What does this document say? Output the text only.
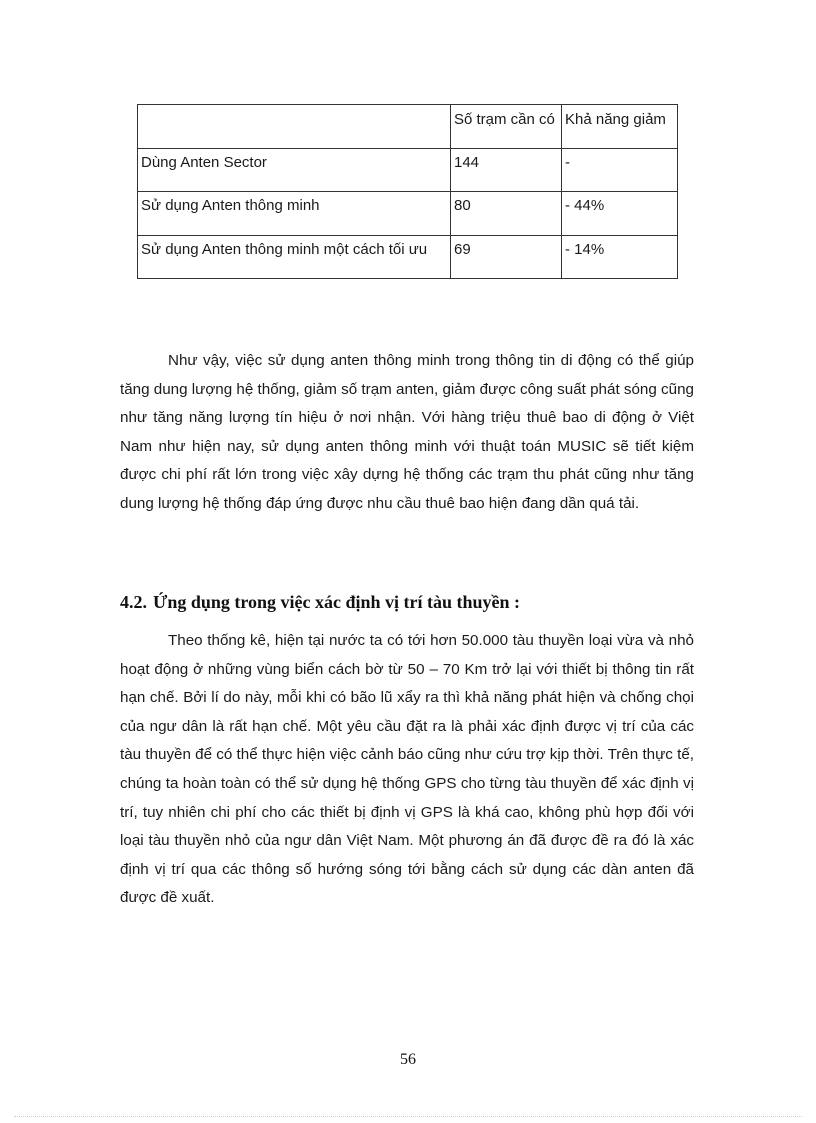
	Số trạm cần có	Khả năng giảm
Dùng Anten Sector	144	-
Sử dụng Anten thông minh	80	- 44%
Sử dụng Anten thông minh một cách tối ưu	69	- 14%

Như vậy, việc sử dụng anten thông minh trong thông tin di động có thể giúp tăng dung lượng hệ thống, giảm số trạm anten, giảm được công suất phát sóng cũng như tăng năng lượng tín hiệu ở nơi nhận. Với hàng triệu thuê bao di động ở Việt Nam như hiện nay, sử dụng anten thông minh với thuật toán MUSIC sẽ tiết kiệm được chi phí rất lớn trong việc xây dựng hệ thống các trạm thu phát cũng như tăng dung lượng hệ thống đáp ứng được nhu cầu thuê bao hiện đang dần quá tải.

4.2. Ứng dụng trong việc xác định vị trí tàu thuyền :

Theo thống kê, hiện tại nước ta có tới hơn 50.000 tàu thuyền loại vừa và nhỏ hoạt động ở những vùng biển cách bờ từ 50 – 70 Km trở lại với thiết bị thông tin rất hạn chế. Bởi lí do này, mỗi khi có bão lũ xẩy ra thì khả năng phát hiện và chống chọi của ngư dân là rất hạn chế. Một yêu cầu đặt ra là phải xác định được vị trí của các tàu thuyền để có thể thực hiện việc cảnh báo cũng như cứu trợ kịp thời. Trên thực tế, chúng ta hoàn toàn có thể sử dụng hệ thống GPS cho từng tàu thuyền để xác định vị trí, tuy nhiên chi phí cho các thiết bị định vị GPS là khá cao, không phù hợp đối với loại tàu thuyền nhỏ của ngư dân Việt Nam. Một phương án đã được đề ra đó là xác định vị trí qua các thông số hướng sóng tới bằng cách sử dụng các dàn anten đã được đề xuất.

56
